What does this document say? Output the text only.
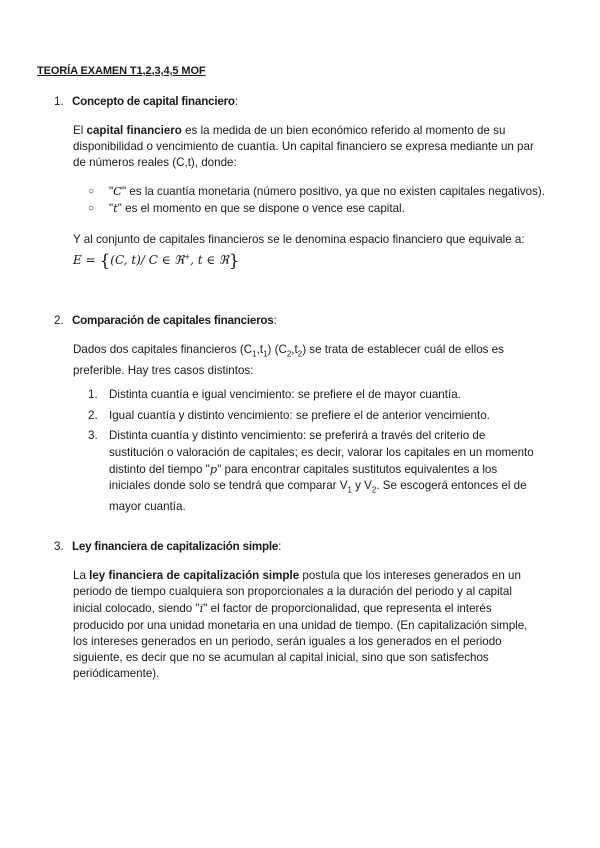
TEORÍA EXAMEN T1,2,3,4,5 MOF
1. Concepto de capital financiero:
El capital financiero es la medida de un bien económico referido al momento de su disponibilidad o vencimiento de cuantía. Un capital financiero se expresa mediante un par de números reales (C,t), donde:
○ "C" es la cuantía monetaria (número positivo, ya que no existen capitales negativos).
○ "t" es el momento en que se dispone o vence ese capital.
Y al conjunto de capitales financieros se le denomina espacio financiero que equivale a:
E = {(C, t)/ C ∈ ℜ+, t ∈ ℜ}
2. Comparación de capitales financieros:
Dados dos capitales financieros $(C_1,t_1)$ $(C_2,t_2)$ se trata de establecer cuál de ellos es preferible. Hay tres casos distintos:
1. Distinta cuantía e igual vencimiento: se prefiere el de mayor cuantía.
2. Igual cuantía y distinto vencimiento: se prefiere el de anterior vencimiento.
3. Distinta cuantía y distinto vencimiento: se preferirá a través del criterio de sustitución o valoración de capitales; es decir, valorar los capitales en un momento distinto del tiempo "p" para encontrar capitales sustitutos equivalentes a los iniciales donde solo se tendrá que comparar $V_1$ y $V_2$. Se escogerá entonces el de mayor cuantía.
3. Ley financiera de capitalización simple:
La ley financiera de capitalización simple postula que los intereses generados en un periodo de tiempo cualquiera son proporcionales a la duración del periodo y al capital inicial colocado, siendo "i" el factor de proporcionalidad, que representa el interés producido por una unidad monetaria en una unidad de tiempo. (En capitalización simple, los intereses generados en un periodo, serán iguales a los generados en el periodo siguiente, es decir que no se acumulan al capital inicial, sino que son satisfechos periódicamente).
